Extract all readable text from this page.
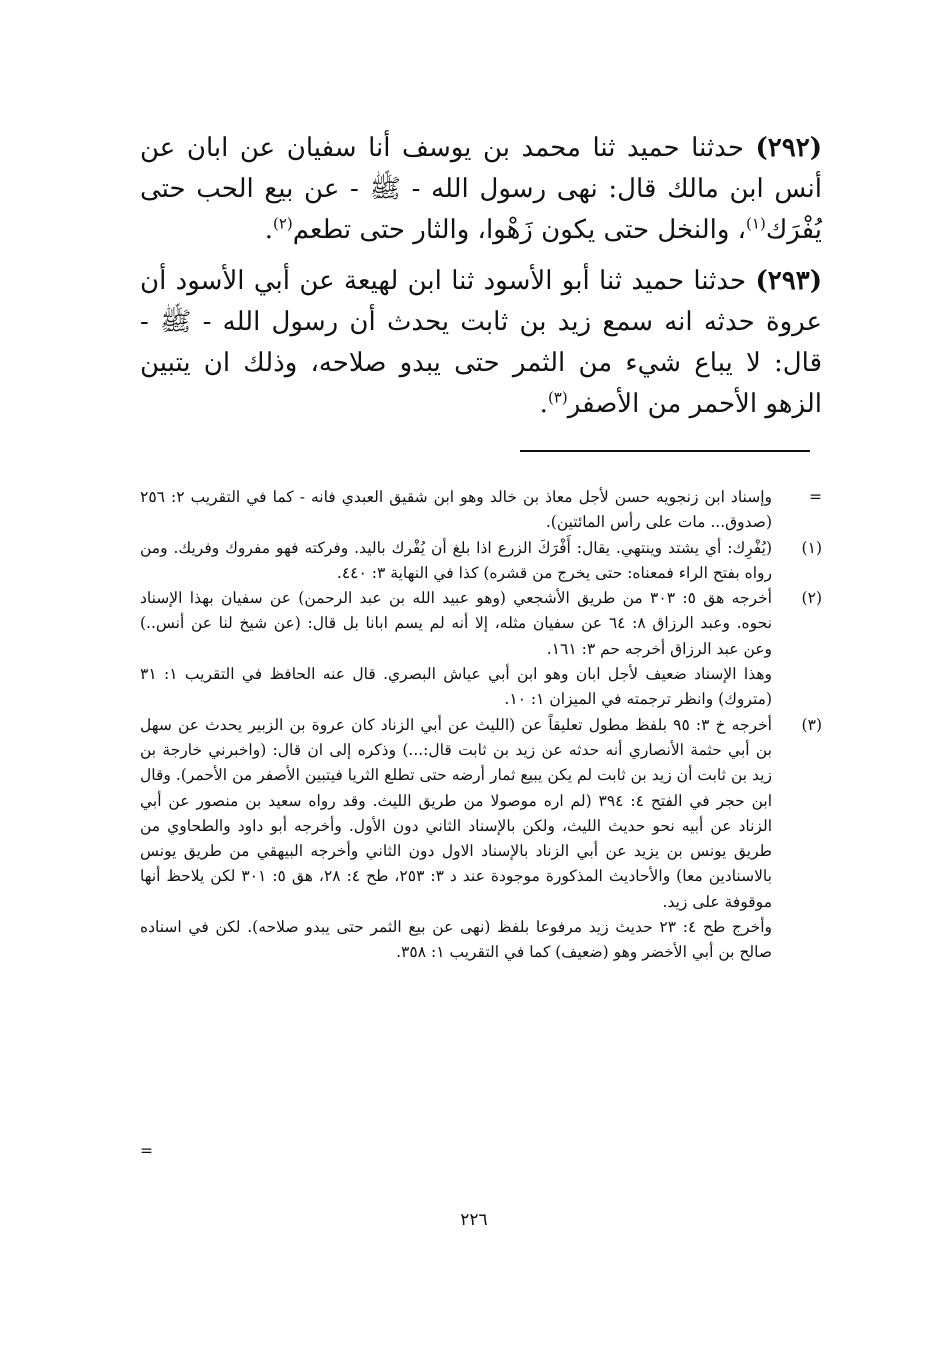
(٢٩٢) حدثنا حميد ثنا محمد بن يوسف أنا سفيان عن ابان عن أنس ابن مالك قال: نهى رسول الله - ﷺ - عن بيع الحب حتى يُفْرَك$^{(١)}$، والنخل حتى يكون زَهْوا، والثار حتى تطعم$^{(٢)}$.

(٢٩٣) حدثنا حميد ثنا أبو الأسود ثنا ابن لهيعة عن أبي الأسود أن عروة حدثه انه سمع زيد بن ثابت يحدث أن رسول الله - ﷺ - قال: لا يباع شيء من الثمر حتى يبدو صلاحه، وذلك ان يتبين الزهو الأحمر من الأصفر$^{(٣)}$.

=

وإسناد ابن زنجويه حسن لأجل معاذ بن خالد وهو ابن شقيق العبدي فانه - كما في التقريب ٢: ٢٥٦ (صدوق... مات على رأس المائتين).

(١)

(يُفْرِك: أي يشتد وينتهي. يقال: أَفْرَكَ الزرع اذا بلغ أن يُفْرك باليد. وفركته فهو مفروك وفريك. ومن رواه بفتح الراء فمعناه: حتى يخرج من قشره) كذا في النهاية ٣: ٤٤٠.

(٢)

أخرجه هق ٥: ٣٠٣ من طريق الأشجعي (وهو عبيد الله بن عبد الرحمن) عن سفيان بهذا الإسناد نحوه. وعبد الرزاق ٨: ٦٤ عن سفيان مثله، إلا أنه لم يسم ابانا بل قال: (عن شيخ لنا عن أنس..) وعن عبد الرزاق أخرجه حم ٣: ١٦١.

وهذا الإسناد ضعيف لأجل ابان وهو ابن أبي عياش البصري. قال عنه الحافظ في التقريب ١: ٣١ (متروك) وانظر ترجمته في الميزان ١: ١٠.

(٣)

أخرجه خ ٣: ٩٥ بلفظ مطول تعليقاً عن (الليث عن أبي الزناد كان عروة بن الزبير يحدث عن سهل بن أبي حثمة الأنصاري أنه حدثه عن زيد بن ثابت قال:...) وذكره إلى ان قال: (واخبرني خارجة بن زيد بن ثابت أن زيد بن ثابت لم يكن يبيع ثمار أرضه حتى تطلع الثريا فيتبين الأصفر من الأحمر). وقال ابن حجر في الفتح ٤: ٣٩٤ (لم اره موصولا من طريق الليث. وقد رواه سعيد بن منصور عن أبي الزناد عن أبيه نحو حديث الليث، ولكن بالإسناد الثاني دون الأول. وأخرجه أبو داود والطحاوي من طريق يونس بن يزيد عن أبي الزناد بالإسناد الاول دون الثاني وأخرجه البيهقي من طريق يونس بالاسنادين معا) والأحاديث المذكورة موجودة عند د ٣: ٢٥٣، طح ٤: ٢٨، هق ٥: ٣٠١ لكن يلاحظ أنها موقوفة على زيد.

وأخرج طح ٤: ٢٣ حديث زيد مرفوعا بلفظ (نهى عن بيع الثمر حتى يبدو صلاحه). لكن في اسناده صالح بن أبي الأخضر وهو (ضعيف) كما في التقريب ١: ٣٥٨.

=
٢٢٦
